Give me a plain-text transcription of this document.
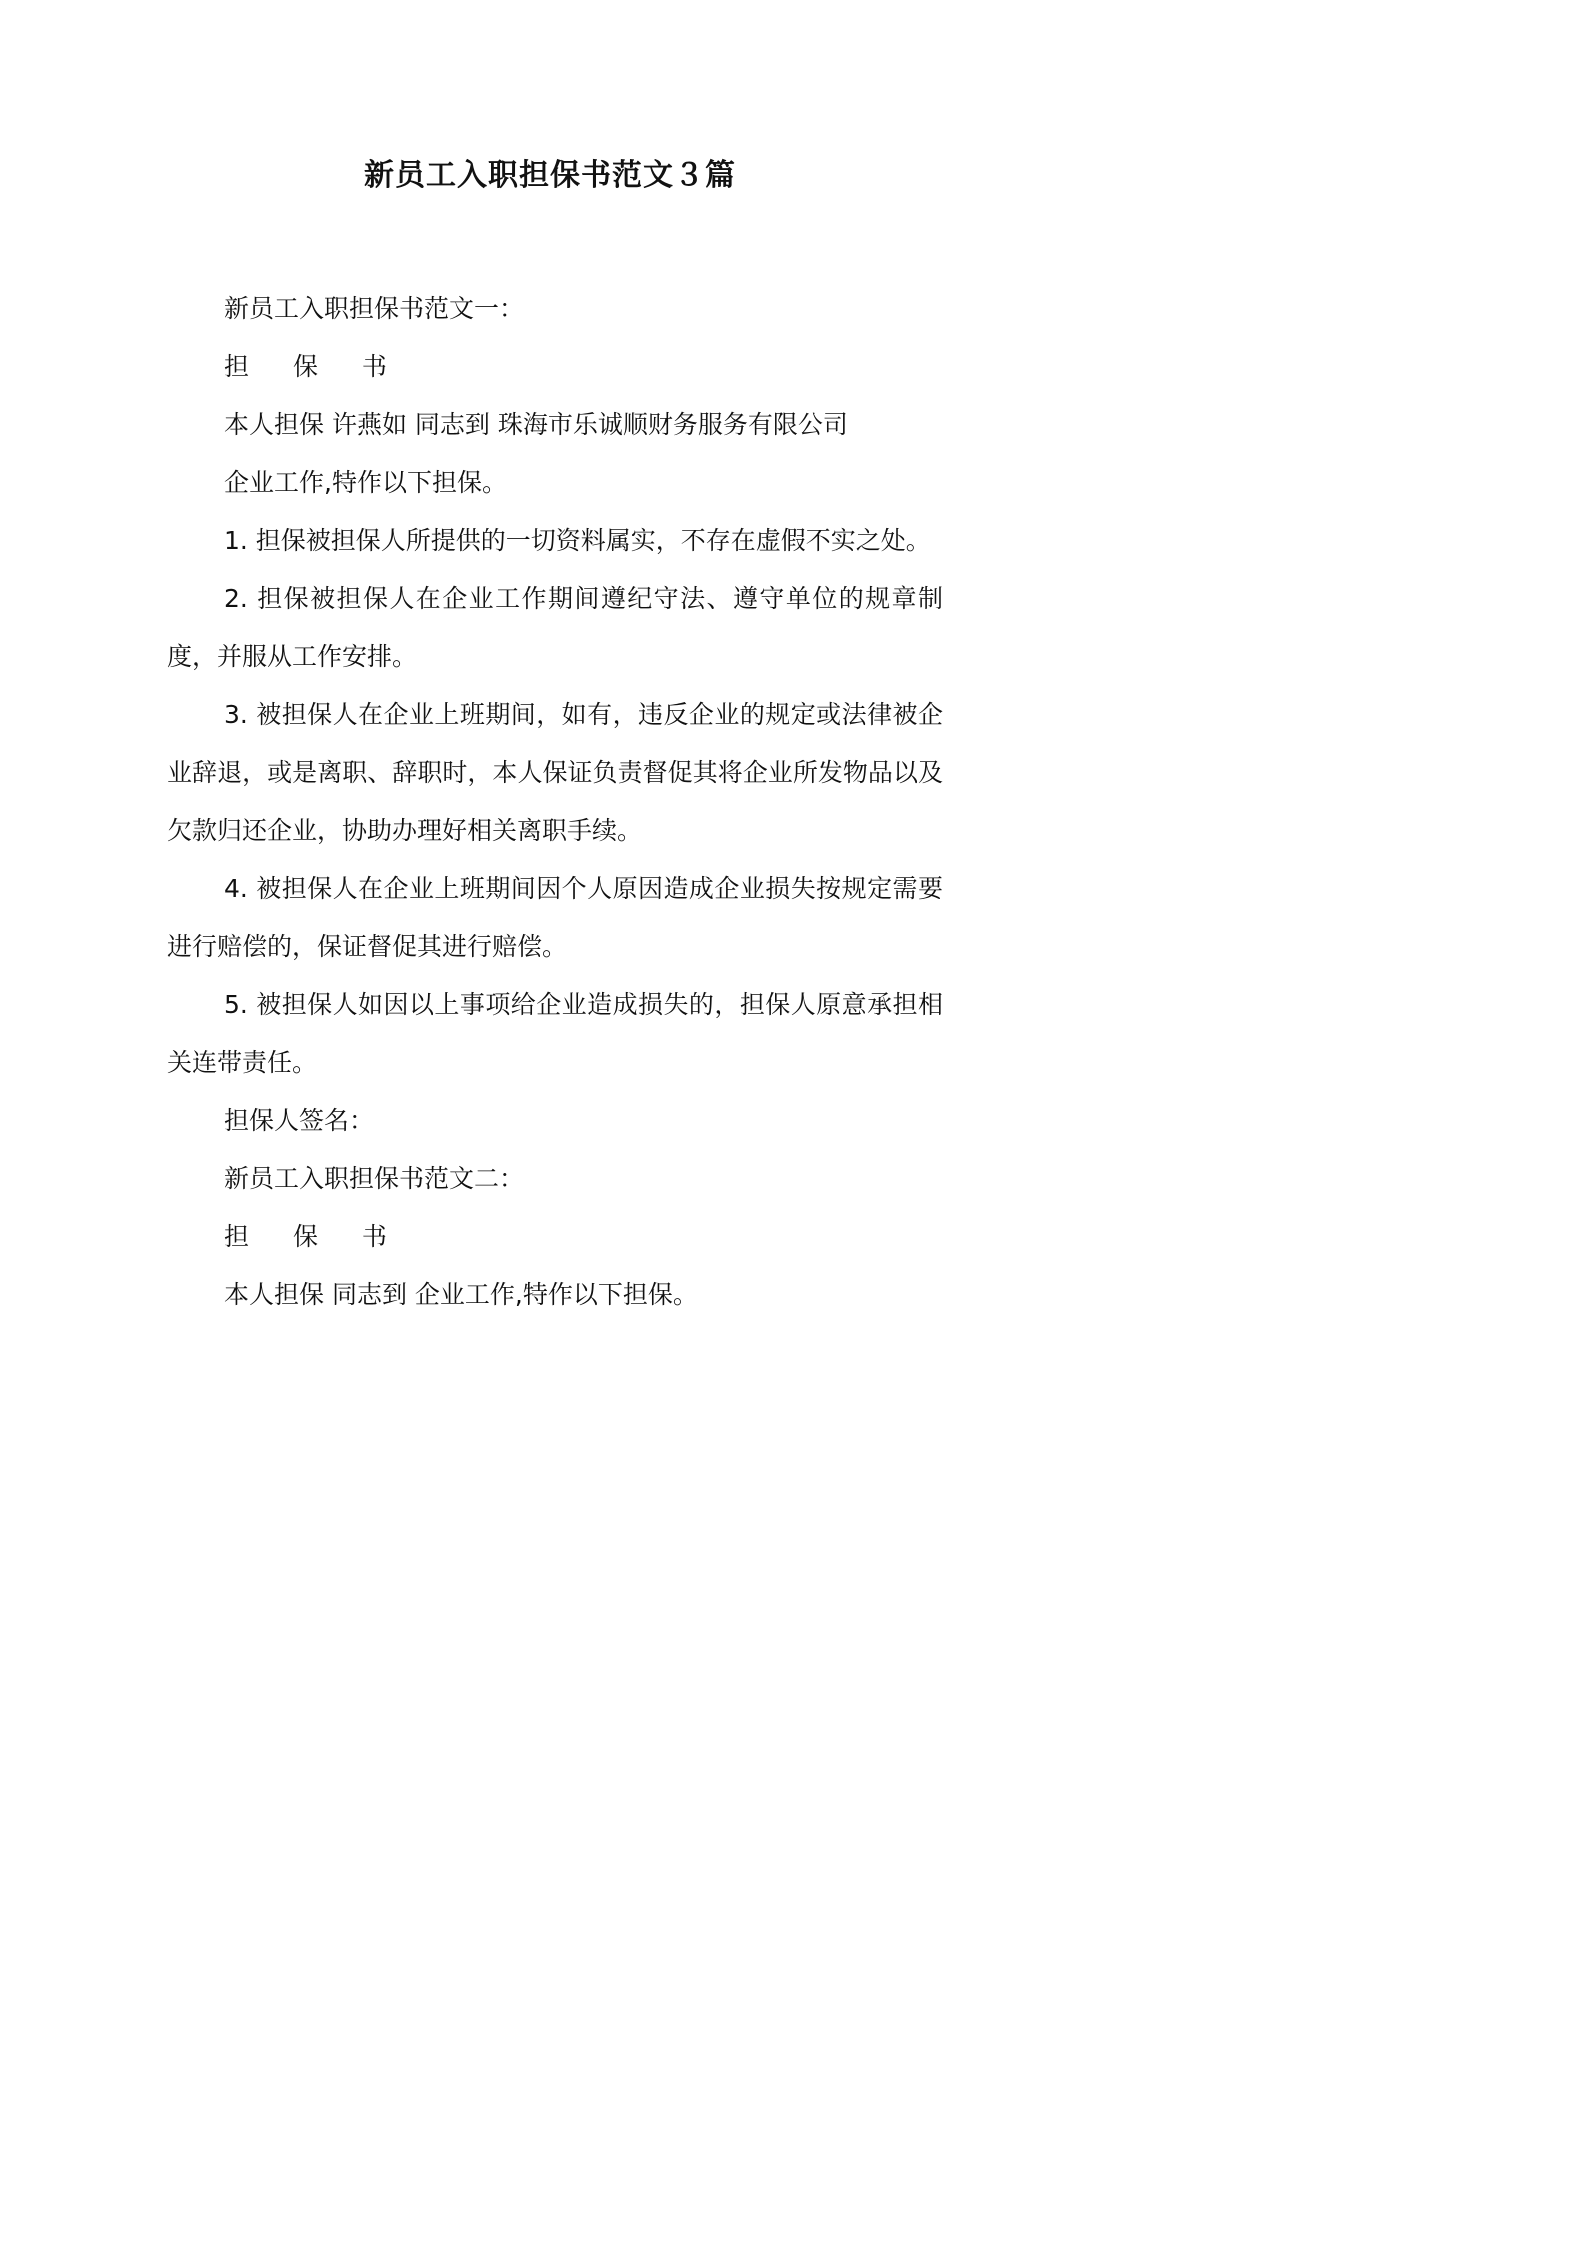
新员工入职担保书范文３篇

新员工入职担保书范文一：

担 保 书

本人担保 许燕如 同志到 珠海市乐诚顺财务服务有限公司

企业工作,特作以下担保。

1. 担保被担保人所提供的一切资料属实，不存在虚假不实之处。

2. 担保被担保人在企业工作期间遵纪守法、遵守单位的规章制度，并服从工作安排。

3. 被担保人在企业上班期间，如有，违反企业的规定或法律被企业辞退，或是离职、辞职时，本人保证负责督促其将企业所发物品以及欠款归还企业，协助办理好相关离职手续。

4. 被担保人在企业上班期间因个人原因造成企业损失按规定需要进行赔偿的，保证督促其进行赔偿。

5. 被担保人如因以上事项给企业造成损失的，担保人原意承担相关连带责任。

担保人签名：

新员工入职担保书范文二：

担 保 书

本人担保 同志到 企业工作,特作以下担保。
